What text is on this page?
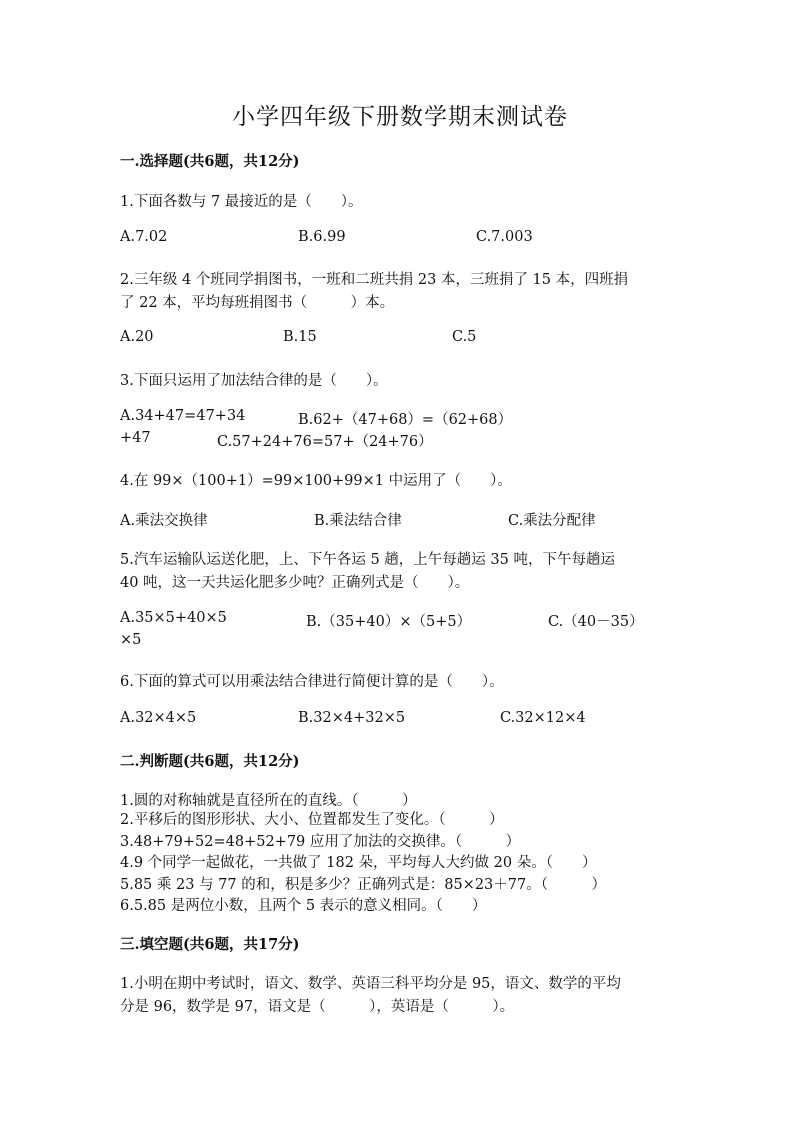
小学四年级下册数学期末测试卷
一.选择题(共6题，共12分)
1.下面各数与 7 最接近的是（　　）。
A.7.02	B.6.99	C.7.003
2.三年级 4 个班同学捐图书，一班和二班共捐 23 本，三班捐了 15 本，四班捐
了 22 本，平均每班捐图书（　　　）本。
A.20	B.15	C.5
3.下面只运用了加法结合律的是（　　）。
A.34+47=47+34	B.62+（47+68）=（62+68）
+47	C.57+24+76=57+（24+76）
4.在 99×（100+1）=99×100+99×1 中运用了（　　）。
A.乘法交换律	B.乘法结合律	C.乘法分配律
5.汽车运输队运送化肥，上、下午各运 5 趟，上午每趟运 35 吨，下午每趟运
40 吨，这一天共运化肥多少吨？正确列式是（　　）。
A.35×5+40×5	B.（35+40）×（5+5）	C.（40－35）
×5
6.下面的算式可以用乘法结合律进行简便计算的是（　　）。
A.32×4×5	B.32×4+32×5	C.32×12×4
二.判断题(共6题，共12分)
1.圆的对称轴就是直径所在的直线。（　　　）
2.平移后的图形形状、大小、位置都发生了变化。（　　　）
3.48+79+52=48+52+79 应用了加法的交换律。（　　　）
4.9 个同学一起做花，一共做了 182 朵，平均每人大约做 20 朵。（　　）
5.85 乘 23 与 77 的和，积是多少？正确列式是：85×23＋77。（　　　）
6.5.85 是两位小数，且两个 5 表示的意义相同。（　　）
三.填空题(共6题，共17分)
1.小明在期中考试时，语文、数学、英语三科平均分是 95，语文、数学的平均
分是 96，数学是 97，语文是（　　　），英语是（　　　）。
